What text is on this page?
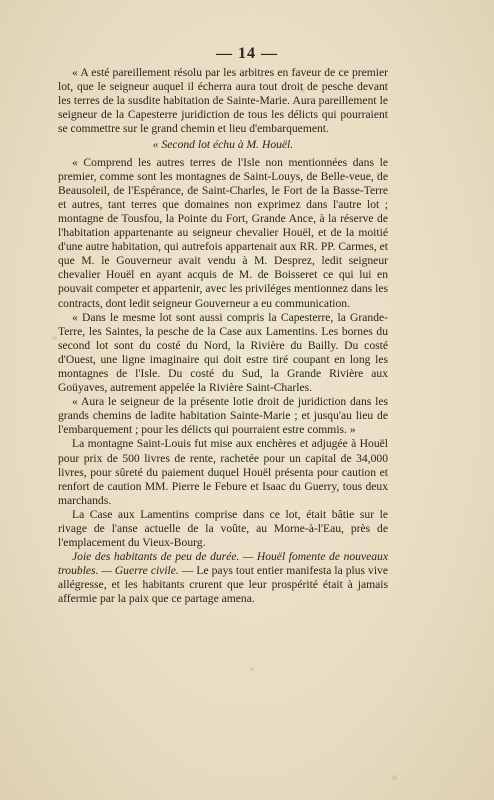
— 14 —

« A esté pareillement résolu par les arbitres en faveur de ce premier lot, que le seigneur auquel il écherra aura tout droit de pesche devant les terres de la susdite habitation de Sainte-Marie. Aura pareillement le seigneur de la Capesterre juridiction de tous les délicts qui pourraient se commettre sur le grand chemin et lieu d'embarquement.

« Second lot échu à M. Houël.

« Comprend les autres terres de l'Isle non mentionnées dans le premier, comme sont les montagnes de Saint-Louys, de Belle-veue, de Beausoleil, de l'Espérance, de Saint-Charles, le Fort de la Basse-Terre et autres, tant terres que domaines non exprimez dans l'autre lot ; montagne de Tousfou, la Pointe du Fort, Grande Ance, à la réserve de l'habitation appartenante au seigneur chevalier Houël, et de la moitié d'une autre habitation, qui autrefois appartenait aux RR. PP. Carmes, et que M. le Gouverneur avait vendu à M. Desprez, ledit seigneur chevalier Houël en ayant acquis de M. de Boisseret ce qui lui en pouvait competer et appartenir, avec les priviléges mentionnez dans les contracts, dont ledit seigneur Gouverneur a eu communication.

« Dans le mesme lot sont aussi compris la Capesterre, la Grande-Terre, les Saintes, la pesche de la Case aux Lamentins. Les bornes du second lot sont du costé du Nord, la Rivière du Bailly. Du costé d'Ouest, une ligne imaginaire qui doit estre tiré coupant en long les montagnes de l'Isle. Du costé du Sud, la Grande Rivière aux Goüyaves, autrement appelée la Rivière Saint-Charles.

« Aura le seigneur de la présente lotie droit de juridiction dans les grands chemins de ladite habitation Sainte-Marie ; et jusqu'au lieu de l'embarquement ; pour les délicts qui pourraient estre commis. »

La montagne Saint-Louis fut mise aux enchères et adjugée à Houël pour prix de 500 livres de rente, rachetée pour un capital de 34,000 livres, pour sûreté du paiement duquel Houël présenta pour caution et renfort de caution MM. Pierre le Febure et Isaac du Guerry, tous deux marchands.

La Case aux Lamentins comprise dans ce lot, était bâtie sur le rivage de l'anse actuelle de la voûte, au Morne-à-l'Eau, près de l'emplacement du Vieux-Bourg.

Joie des habitants de peu de durée. — Houël fomente de nouveaux troubles. — Guerre civile. — Le pays tout entier manifesta la plus vive allégresse, et les habitants crurent que leur prospérité était à jamais affermie par la paix que ce partage amena.
